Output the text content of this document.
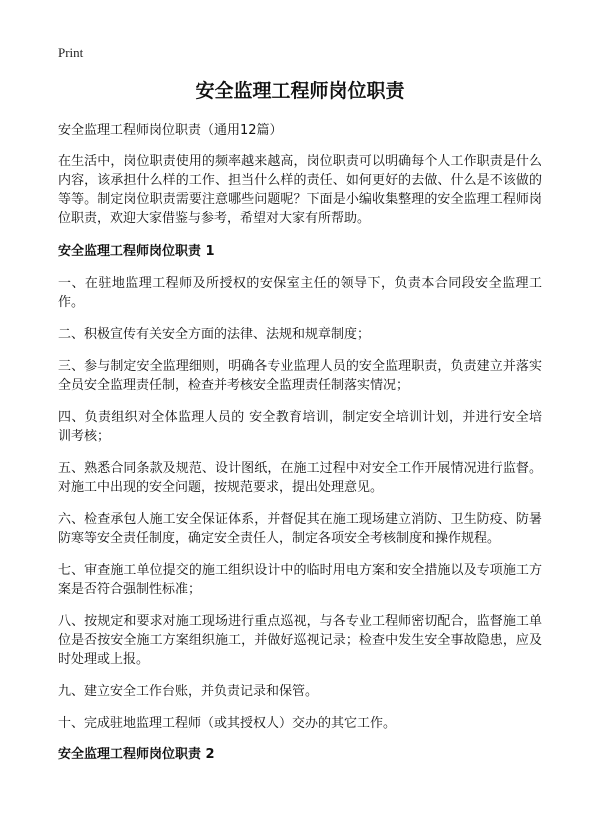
Print
安全监理工程师岗位职责

安全监理工程师岗位职责（通用12篇）

在生活中，岗位职责使用的频率越来越高，岗位职责可以明确每个人工作职责是什么内容，该承担什么样的工作、担当什么样的责任、如何更好的去做、什么是不该做的等等。制定岗位职责需要注意哪些问题呢？下面是小编收集整理的安全监理工程师岗位职责，欢迎大家借鉴与参考，希望对大家有所帮助。

安全监理工程师岗位职责 1

一、在驻地监理工程师及所授权的安保室主任的领导下，负责本合同段安全监理工作。

二、积极宣传有关安全方面的法律、法规和规章制度；

三、参与制定安全监理细则，明确各专业监理人员的安全监理职责，负责建立并落实全员安全监理责任制，检查并考核安全监理责任制落实情况；

四、负责组织对全体监理人员的 安全教育培训，制定安全培训计划，并进行安全培训考核；

五、熟悉合同条款及规范、设计图纸，在施工过程中对安全工作开展情况进行监督。对施工中出现的安全问题，按规范要求，提出处理意见。

六、检查承包人施工安全保证体系，并督促其在施工现场建立消防、卫生防疫、防暑防寒等安全责任制度，确定安全责任人，制定各项安全考核制度和操作规程。

七、审查施工单位提交的施工组织设计中的临时用电方案和安全措施以及专项施工方案是否符合强制性标准；

八、按规定和要求对施工现场进行重点巡视，与各专业工程师密切配合，监督施工单位是否按安全施工方案组织施工，并做好巡视记录；检查中发生安全事故隐患，应及时处理或上报。

九、建立安全工作台账，并负责记录和保管。

十、完成驻地监理工程师（或其授权人）交办的其它工作。

安全监理工程师岗位职责 2
